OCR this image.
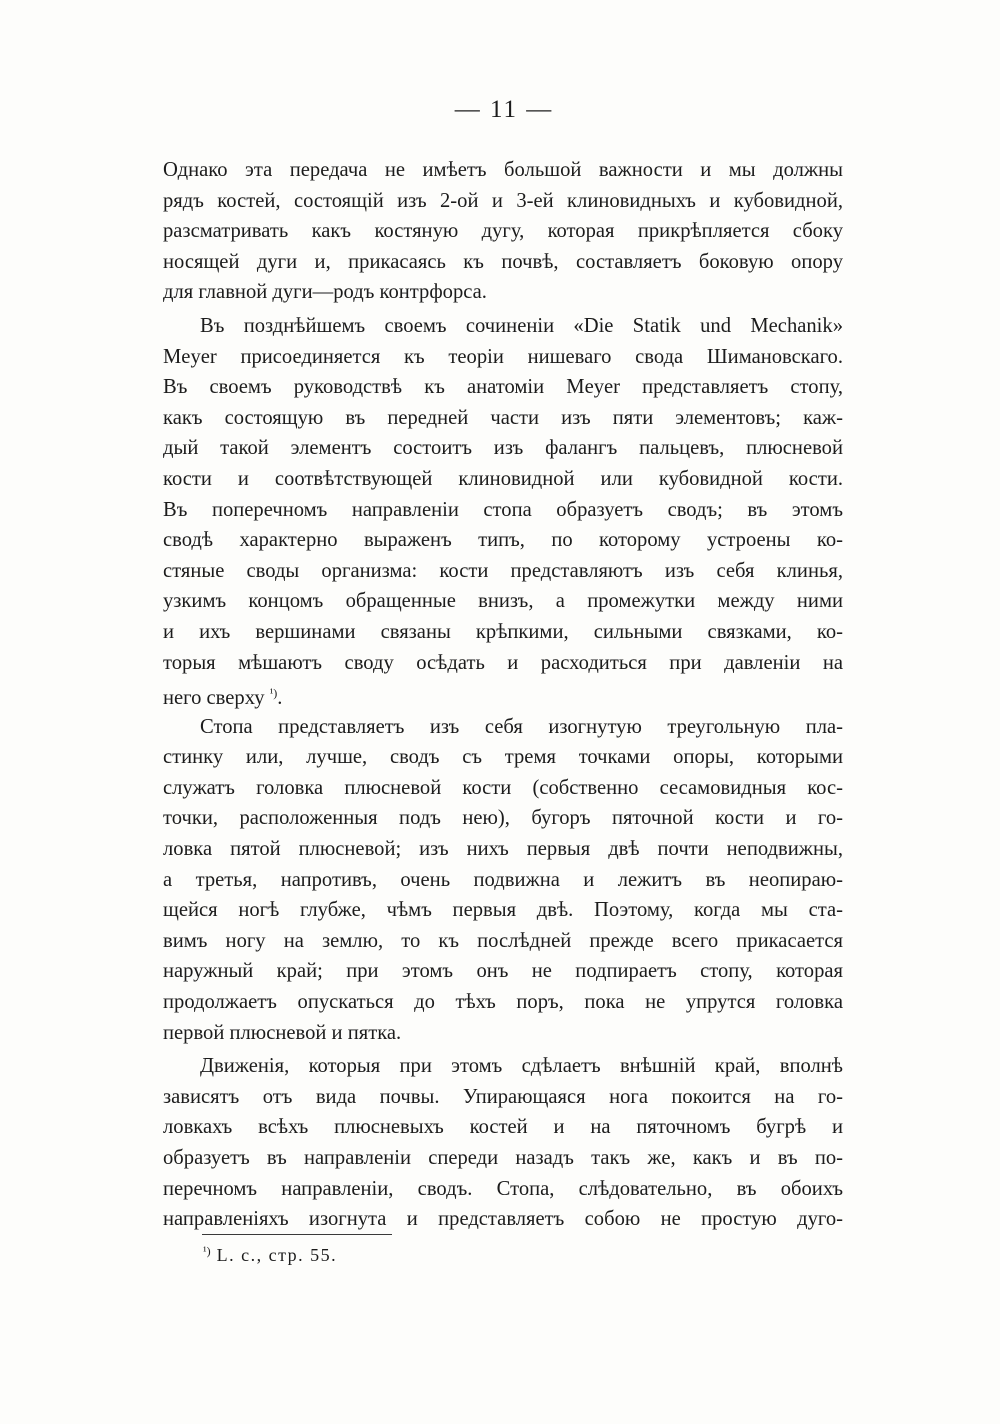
— 11 —
Однако эта передача не имѣетъ большой важности и мы должны
рядъ костей, состоящій изъ 2-ой и 3-ей клиновидныхъ и кубовидной,
разсматривать какъ костяную дугу, которая прикрѣпляется сбоку
носящей дуги и, прикасаясь къ почвѣ, составляетъ боковую опору
для главной дуги—родъ контрфорса.
Въ позднѣйшемъ своемъ сочиненіи «Die Statik und Mechanik»
Meyer присоединяется къ теоріи нишеваго свода Шимановскаго.
Въ своемъ руководствѣ къ анатоміи Meyer представляетъ стопу,
какъ состоящую въ передней части изъ пяти элементовъ; каж-
дый такой элементъ состоитъ изъ фалангъ пальцевъ, плюсневой
кости и соотвѣтствующей клиновидной или кубовидной кости.
Въ поперечномъ направленіи стопа образуетъ сводъ; въ этомъ
сводѣ характерно выраженъ типъ, по которому устроены ко-
стяные своды организма: кости представляютъ изъ себя клинья,
узкимъ концомъ обращенные внизъ, а промежутки между ними
и ихъ вершинами связаны крѣпкими, сильными связками, ко-
торыя мѣшаютъ своду осѣдать и расходиться при давленіи на
него сверху $^{^1)}$.
Стопа представляетъ изъ себя изогнутую треугольную пла-
стинку или, лучше, сводъ съ тремя точками опоры, которыми
служатъ головка плюсневой кости (собственно сесамовидныя кос-
точки, расположенныя подъ нею), бугоръ пяточной кости и го-
ловка пятой плюсневой; изъ нихъ первыя двѣ почти неподвижны,
а третья, напротивъ, очень подвижна и лежитъ въ неопираю-
щейся ногѣ глубже, чѣмъ первыя двѣ. Поэтому, когда мы ста-
вимъ ногу на землю, то къ послѣдней прежде всего прикасается
наружный край; при этомъ онъ не подпираетъ стопу, которая
продолжаетъ опускаться до тѣхъ поръ, пока не упрутся головка
первой плюсневой и пятка.
Движенія, которыя при этомъ сдѣлаетъ внѣшній край, вполнѣ
зависятъ отъ вида почвы. Упирающаяся нога покоится на го-
ловкахъ всѣхъ плюсневыхъ костей и на пяточномъ бугрѣ и
образуетъ въ направленіи спереди назадъ такъ же, какъ и въ по-
перечномъ направленіи, сводъ. Стопа, слѣдовательно, въ обоихъ
направленіяхъ изогнута и представляетъ собою не простую дуго-
$^{^1)}$ L. c., стр. 55.
